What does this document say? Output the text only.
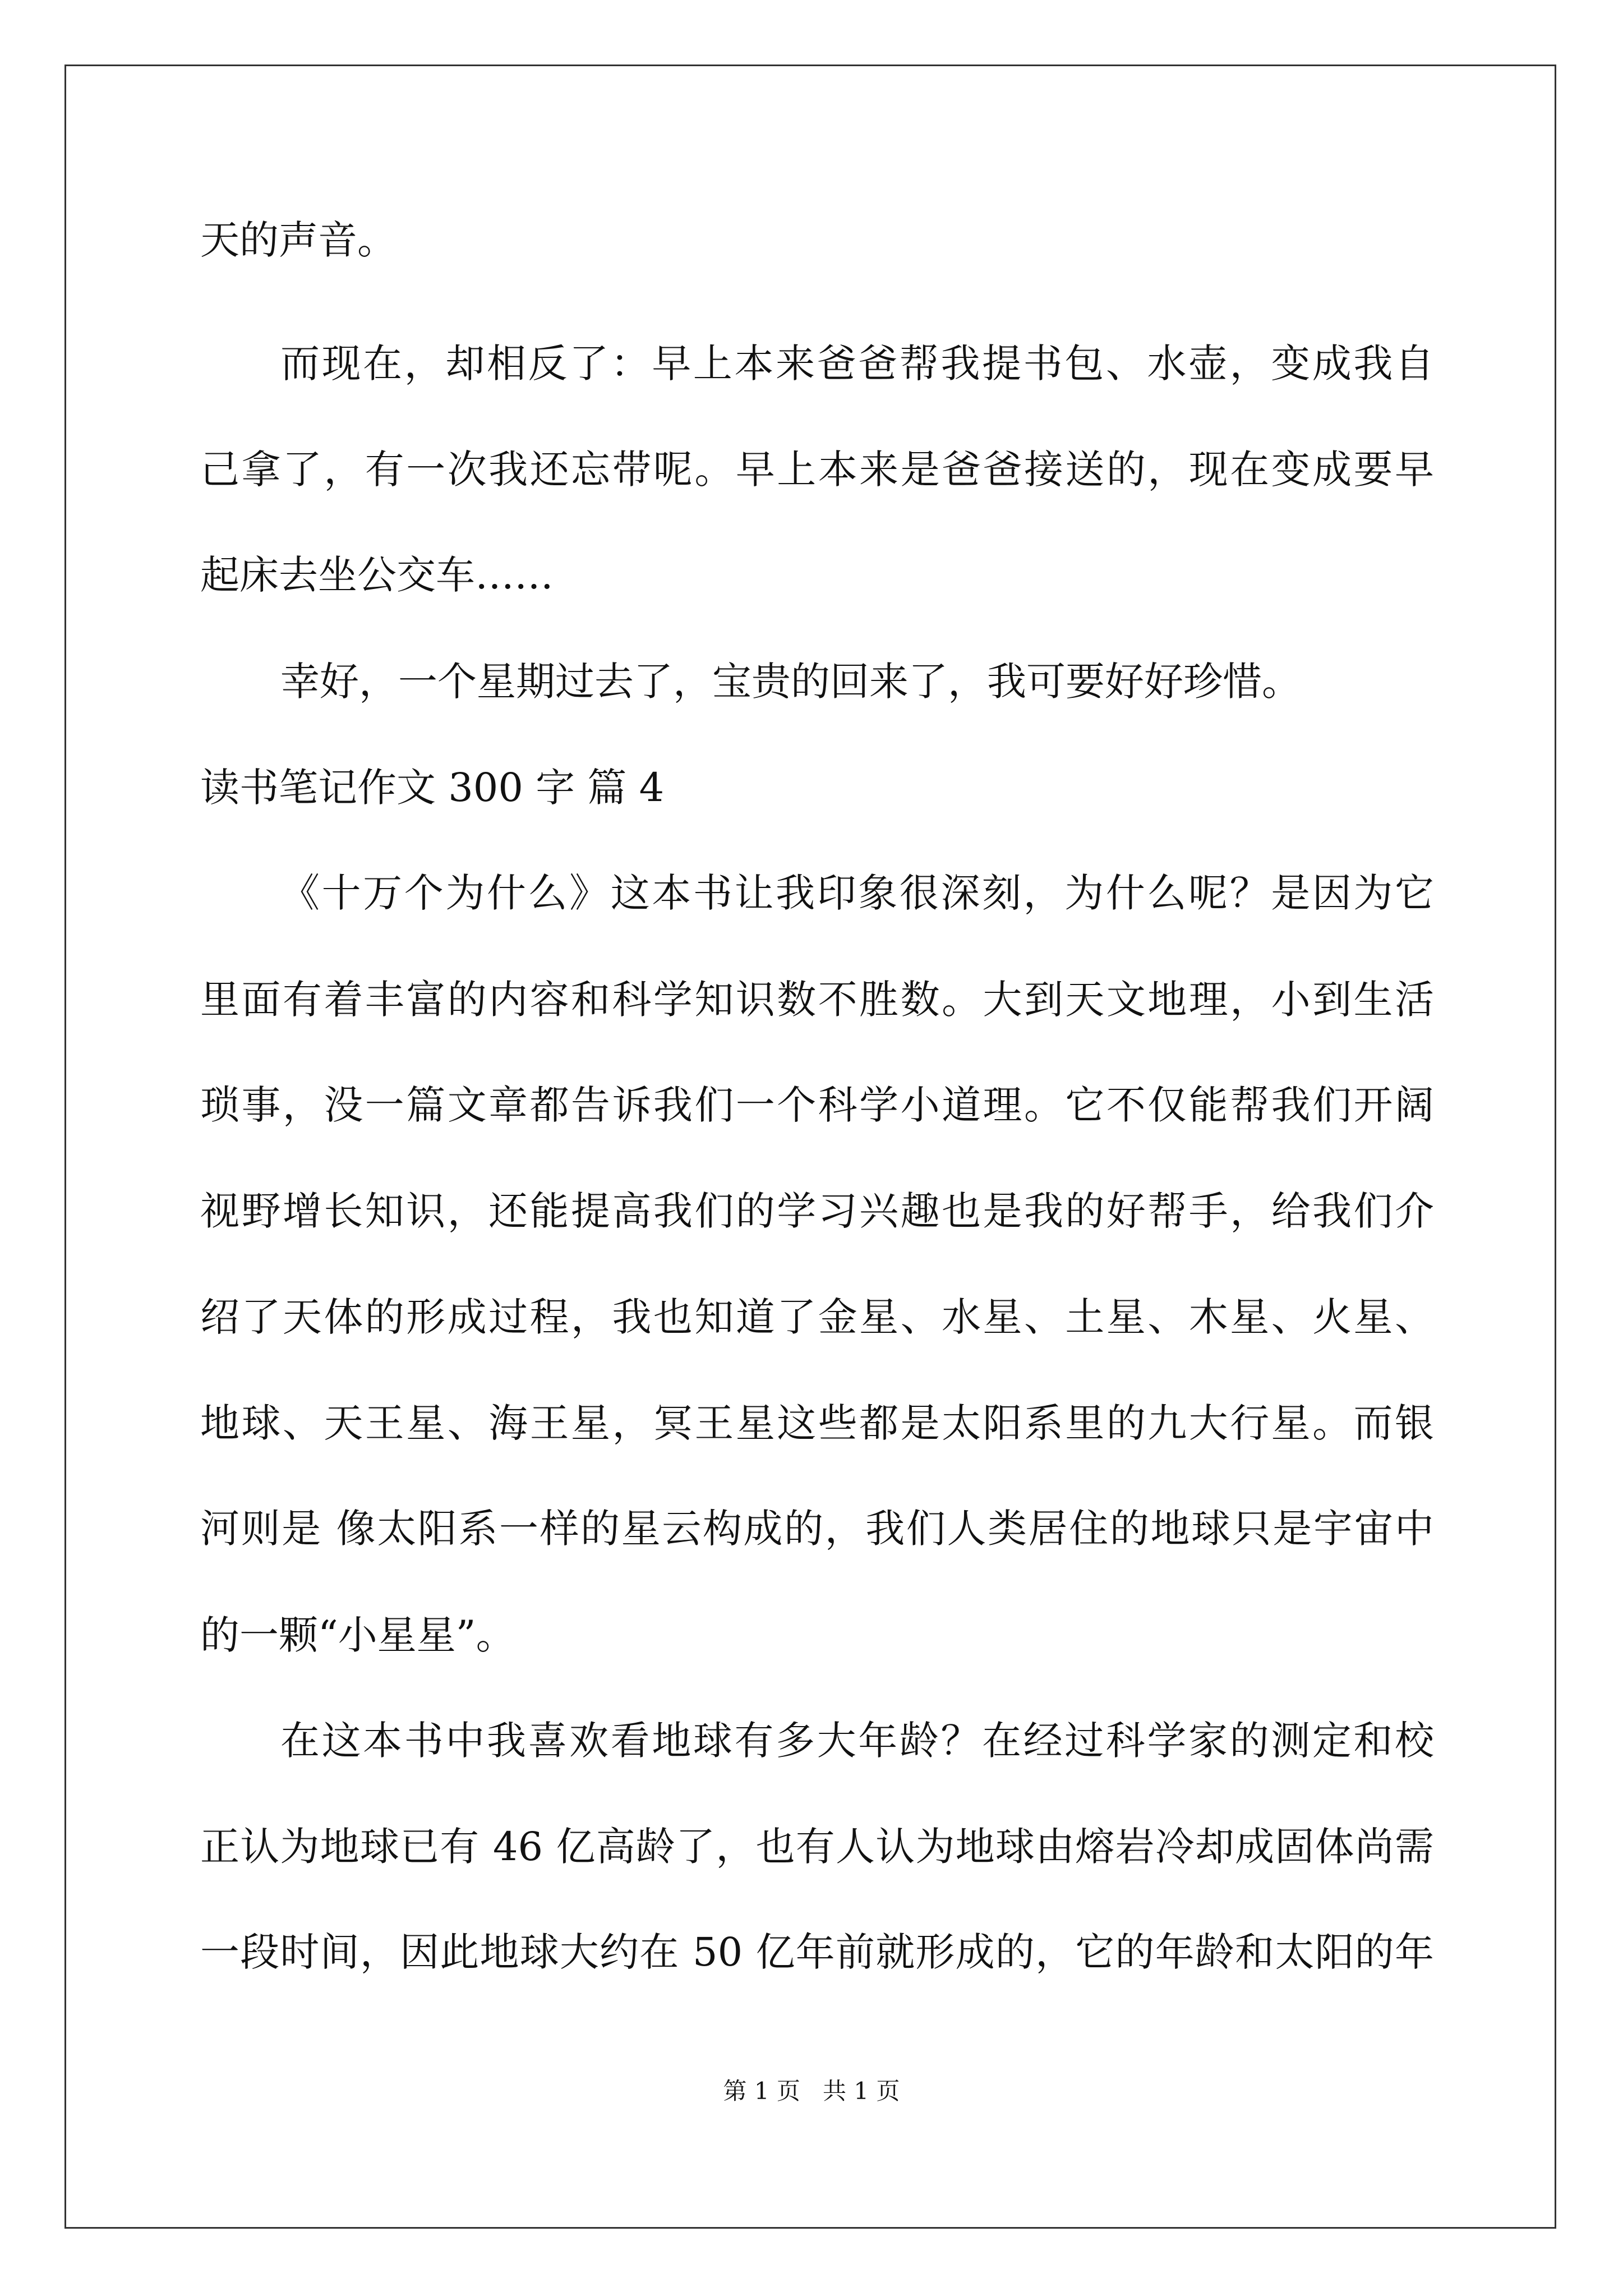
天的声音。
而现在，却相反了：早上本来爸爸帮我提书包、水壶，变成我自
己拿了，有一次我还忘带呢。早上本来是爸爸接送的，现在变成要早
起床去坐公交车……
幸好，一个星期过去了，宝贵的回来了，我可要好好珍惜。
读书笔记作文 300 字 篇 4
《十万个为什么》这本书让我印象很深刻，为什么呢？是因为它
里面有着丰富的内容和科学知识数不胜数。大到天文地理，小到生活
琐事，没一篇文章都告诉我们一个科学小道理。它不仅能帮我们开阔
视野增长知识，还能提高我们的学习兴趣也是我的好帮手，给我们介
绍了天体的形成过程，我也知道了金星、水星、土星、木星、火星、
地球、天王星、海王星，冥王星这些都是太阳系里的九大行星。而银
河则是 像太阳系一样的星云构成的，我们人类居住的地球只是宇宙中
的一颗“小星星”。
在这本书中我喜欢看地球有多大年龄？在经过科学家的测定和校
正认为地球已有 46 亿高龄了，也有人认为地球由熔岩冷却成固体尚需
一段时间，因此地球大约在 50 亿年前就形成的，它的年龄和太阳的年
第 1 页   共 1 页
